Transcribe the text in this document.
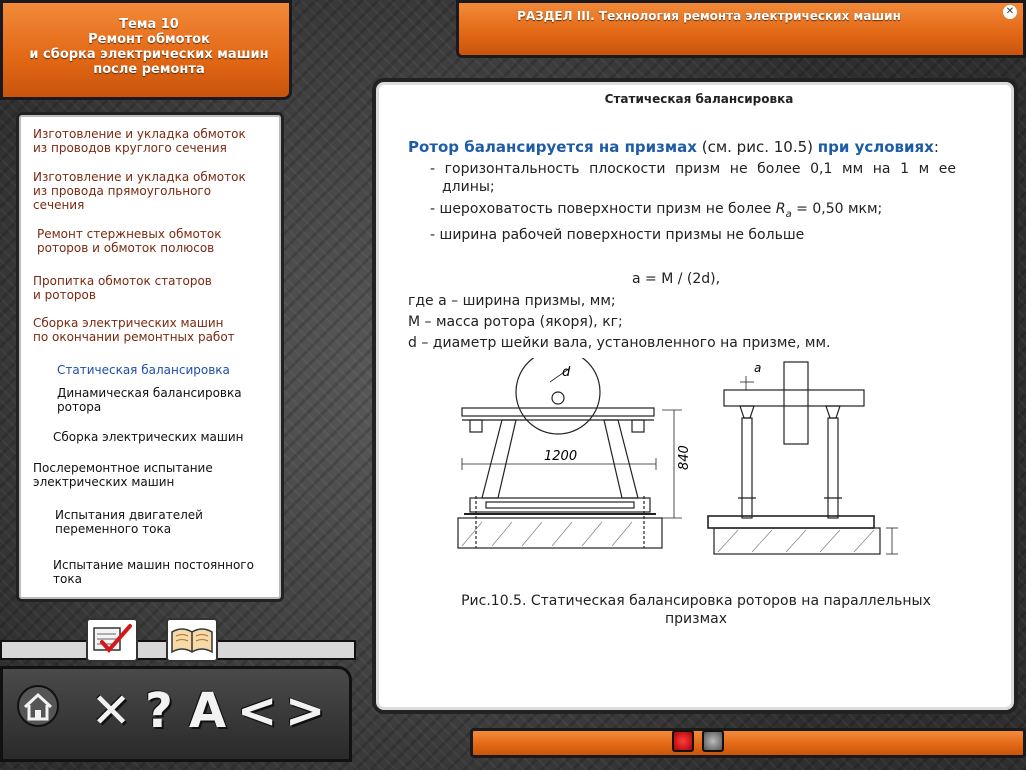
Тема 10
Ремонт обмоток
и сборка электрических машин
после ремонта
РАЗДЕЛ III. Технология ремонта электрических машин	✕
Изготовление и укладка обмоток
из проводов круглого сечения
Изготовление и укладка обмоток
из провода прямоугольного
сечения
Ремонт стержневых обмоток
роторов и обмоток полюсов
Пропитка обмоток статоров
и роторов
Сборка электрических машин
по окончании ремонтных работ
Статическая балансировка
Динамическая балансировка
ротора
Сборка электрических машин
Послеремонтное испытание
электрических машин
Испытания двигателей
переменного тока
Испытание машин постоянного
тока
✕ ? A < >
Статическая балансировка
Ротор балансируется на призмах (см. рис. 10.5) при условиях:
- горизонтальность плоскости призм не более 0,1 мм на 1 м ее
длины;
- шероховатость поверхности призм не более $R_a = 0,50$ мкм;
- ширина рабочей поверхности призмы не больше
a = M / (2d),
где a – ширина призмы, мм;
M – масса ротора (якоря), кг;
d – диаметр шейки вала, установленного на призме, мм.
d
1200	840
a
Рис.10.5. Статическая балансировка роторов на параллельных
призмах
